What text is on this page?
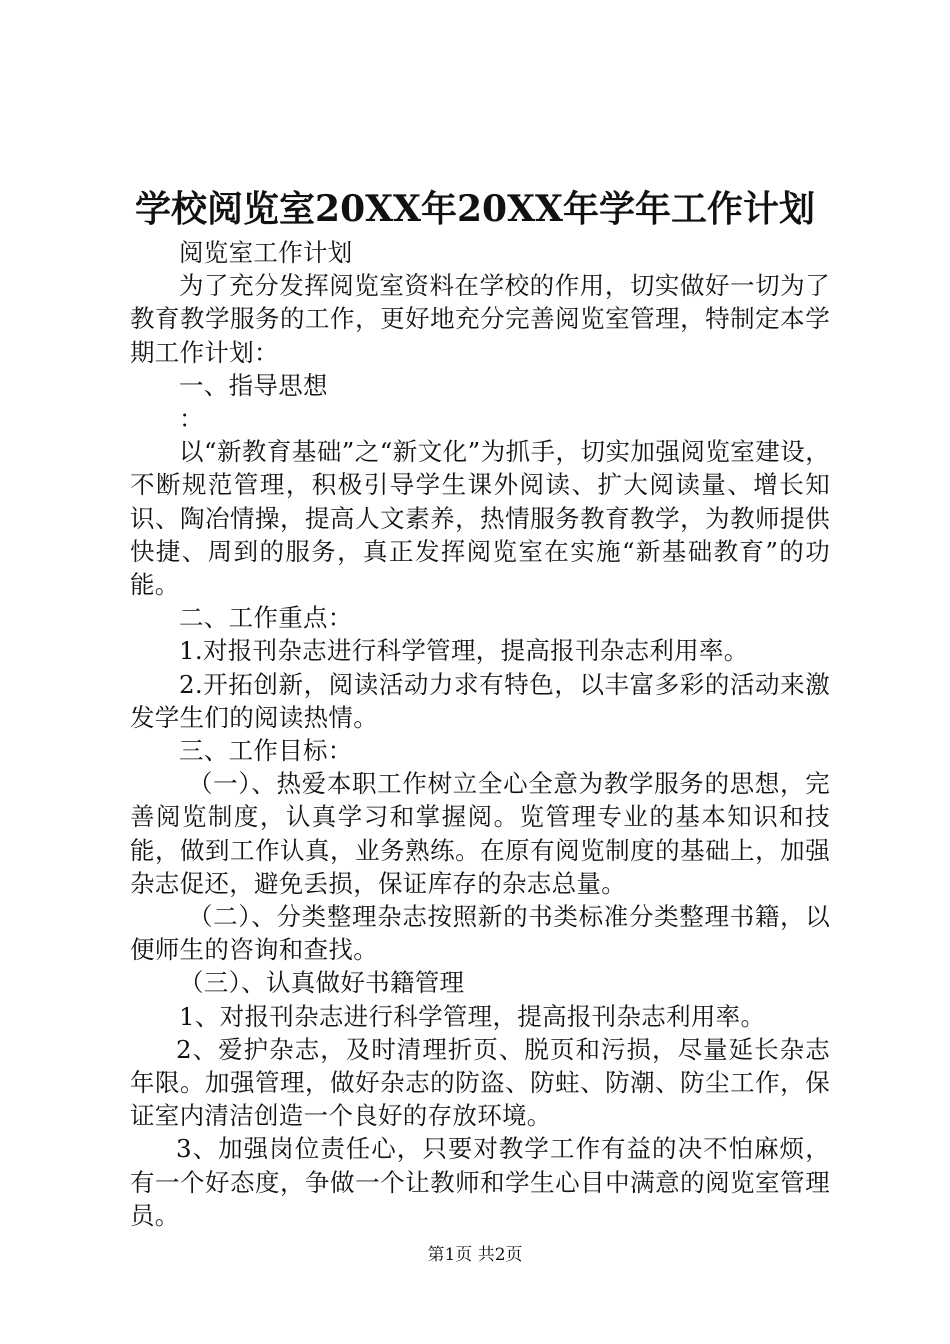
学校阅览室20XX年20XX年学年工作计划

阅览室工作计划

为了充分发挥阅览室资料在学校的作用，切实做好一切为了教育教学服务的工作，更好地充分完善阅览室管理，特制定本学期工作计划：

一、指导思想

：

以“新教育基础”之“新文化”为抓手，切实加强阅览室建设，不断规范管理，积极引导学生课外阅读、扩大阅读量、增长知识、陶冶情操，提高人文素养，热情服务教育教学，为教师提供快捷、周到的服务，真正发挥阅览室在实施“新基础教育”的功能。

二、工作重点：

1.对报刊杂志进行科学管理，提高报刊杂志利用率。

2.开拓创新，阅读活动力求有特色，以丰富多彩的活动来激发学生们的阅读热情。

三、工作目标：

（一）、热爱本职工作树立全心全意为教学服务的思想，完善阅览制度，认真学习和掌握阅。览管理专业的基本知识和技能，做到工作认真，业务熟练。在原有阅览制度的基础上，加强杂志促还，避免丢损，保证库存的杂志总量。

（二）、分类整理杂志按照新的书类标准分类整理书籍，以便师生的咨询和查找。

（三）、认真做好书籍管理

1、对报刊杂志进行科学管理，提高报刊杂志利用率。

2、爱护杂志，及时清理折页、脱页和污损，尽量延长杂志年限。加强管理，做好杂志的防盗、防蛀、防潮、防尘工作，保证室内清洁创造一个良好的存放环境。

3、加强岗位责任心，只要对教学工作有益的决不怕麻烦，有一个好态度，争做一个让教师和学生心目中满意的阅览室管理员。

第1页 共2页
